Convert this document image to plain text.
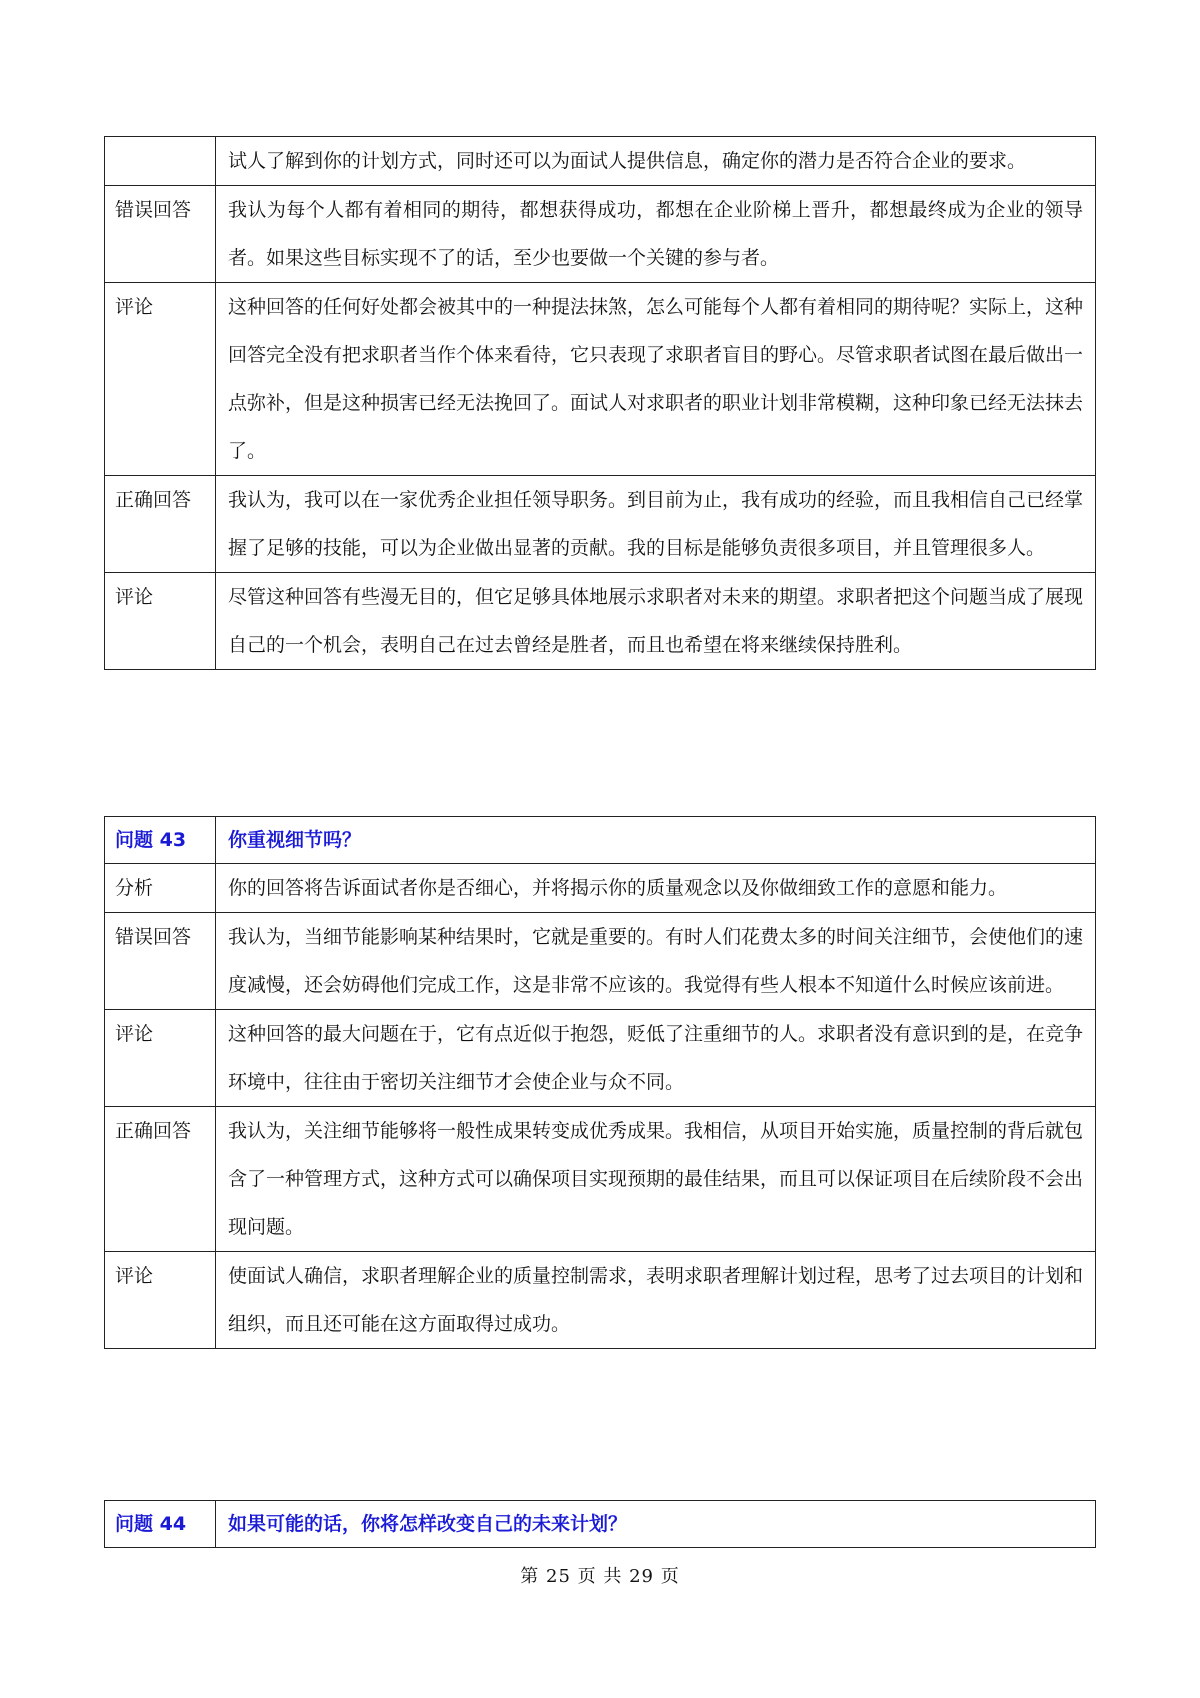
	试人了解到你的计划方式，同时还可以为面试人提供信息，确定你的潜力是否符合企业的要求。
错误回答	我认为每个人都有着相同的期待，都想获得成功，都想在企业阶梯上晋升，都想最终成为企业的领导者。如果这些目标实现不了的话，至少也要做一个关键的参与者。
评论	这种回答的任何好处都会被其中的一种提法抹煞，怎么可能每个人都有着相同的期待呢？实际上，这种回答完全没有把求职者当作个体来看待，它只表现了求职者盲目的野心。尽管求职者试图在最后做出一点弥补，但是这种损害已经无法挽回了。面试人对求职者的职业计划非常模糊，这种印象已经无法抹去了。
正确回答	我认为，我可以在一家优秀企业担任领导职务。到目前为止，我有成功的经验，而且我相信自己已经掌握了足够的技能，可以为企业做出显著的贡献。我的目标是能够负责很多项目，并且管理很多人。
评论	尽管这种回答有些漫无目的，但它足够具体地展示求职者对未来的期望。求职者把这个问题当成了展现自己的一个机会，表明自己在过去曾经是胜者，而且也希望在将来继续保持胜利。
问题 43	你重视细节吗？
分析	你的回答将告诉面试者你是否细心，并将揭示你的质量观念以及你做细致工作的意愿和能力。
错误回答	我认为，当细节能影响某种结果时，它就是重要的。有时人们花费太多的时间关注细节，会使他们的速度减慢，还会妨碍他们完成工作，这是非常不应该的。我觉得有些人根本不知道什么时候应该前进。
评论	这种回答的最大问题在于，它有点近似于抱怨，贬低了注重细节的人。求职者没有意识到的是，在竞争环境中，往往由于密切关注细节才会使企业与众不同。
正确回答	我认为，关注细节能够将一般性成果转变成优秀成果。我相信，从项目开始实施，质量控制的背后就包含了一种管理方式，这种方式可以确保项目实现预期的最佳结果，而且可以保证项目在后续阶段不会出现问题。
评论	使面试人确信，求职者理解企业的质量控制需求，表明求职者理解计划过程，思考了过去项目的计划和组织，而且还可能在这方面取得过成功。
问题 44	如果可能的话，你将怎样改变自己的未来计划？
第 25 页 共 29 页
